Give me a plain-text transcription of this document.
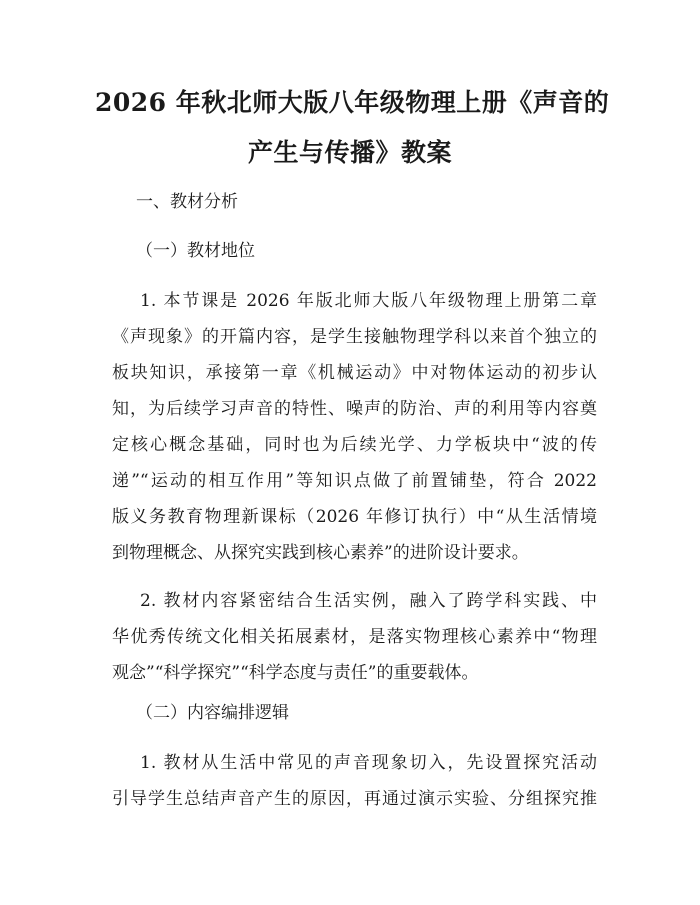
2026 年秋北师大版八年级物理上册《声音的
产生与传播》教案
一、教材分析
（一）教材地位
1. 本节课是 2026 年版北师大版八年级物理上册第二章
《声现象》的开篇内容，是学生接触物理学科以来首个独立的
板块知识，承接第一章《机械运动》中对物体运动的初步认
知，为后续学习声音的特性、噪声的防治、声的利用等内容奠
定核心概念基础，同时也为后续光学、力学板块中“波的传
递”“运动的相互作用”等知识点做了前置铺垫，符合 2022
版义务教育物理新课标（2026 年修订执行）中“从生活情境
到物理概念、从探究实践到核心素养”的进阶设计要求。
2. 教材内容紧密结合生活实例，融入了跨学科实践、中
华优秀传统文化相关拓展素材，是落实物理核心素养中“物理
观念”“科学探究”“科学态度与责任”的重要载体。
（二）内容编排逻辑
1. 教材从生活中常见的声音现象切入，先设置探究活动
引导学生总结声音产生的原因，再通过演示实验、分组探究推
